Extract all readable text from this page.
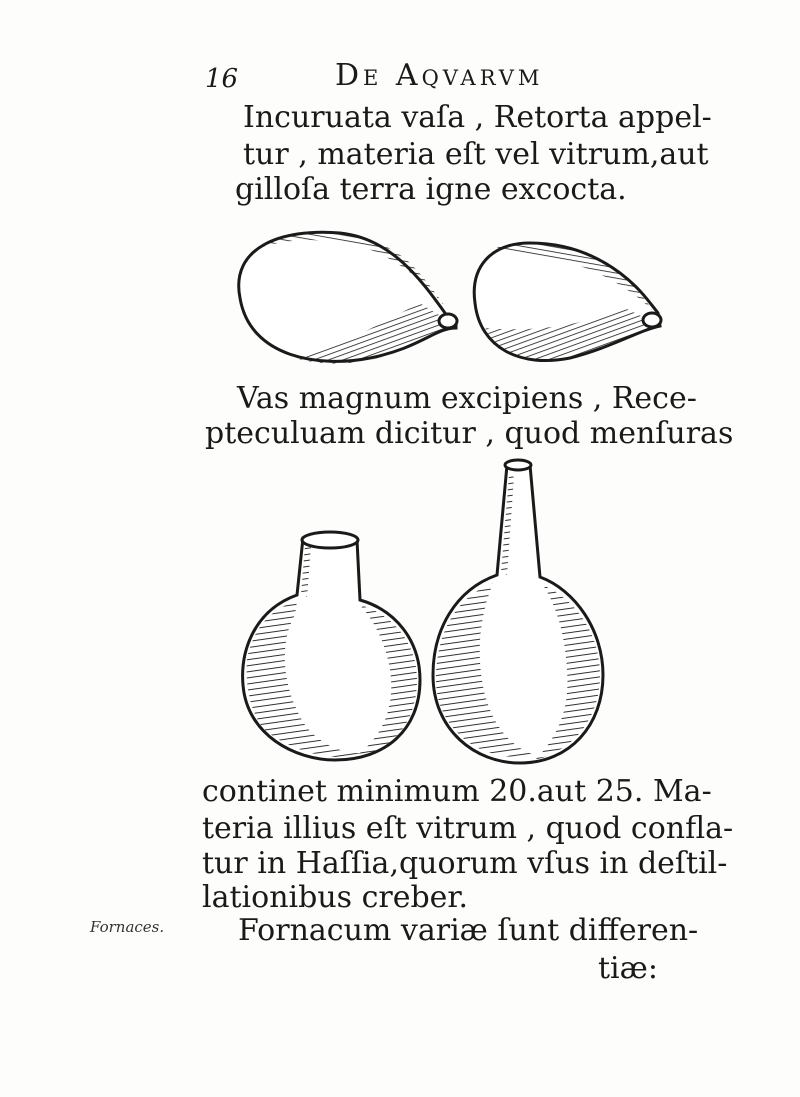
16	De Aqvarvm
Incuruata vaſa , Retorta appel-
tur , materia eſt vel vitrum,aut
gilloſa terra igne excocta.
Vas magnum excipiens , Rece-
pteculuam dicitur , quod menſuras
continet minimum 20.aut 25. Ma-
teria illius eſt vitrum , quod confla-
tur in Haſſia,quorum vſus in deſtil-
lationibus creber.
Fornaces. Fornacum variæ ſunt differen-
tiæ:
